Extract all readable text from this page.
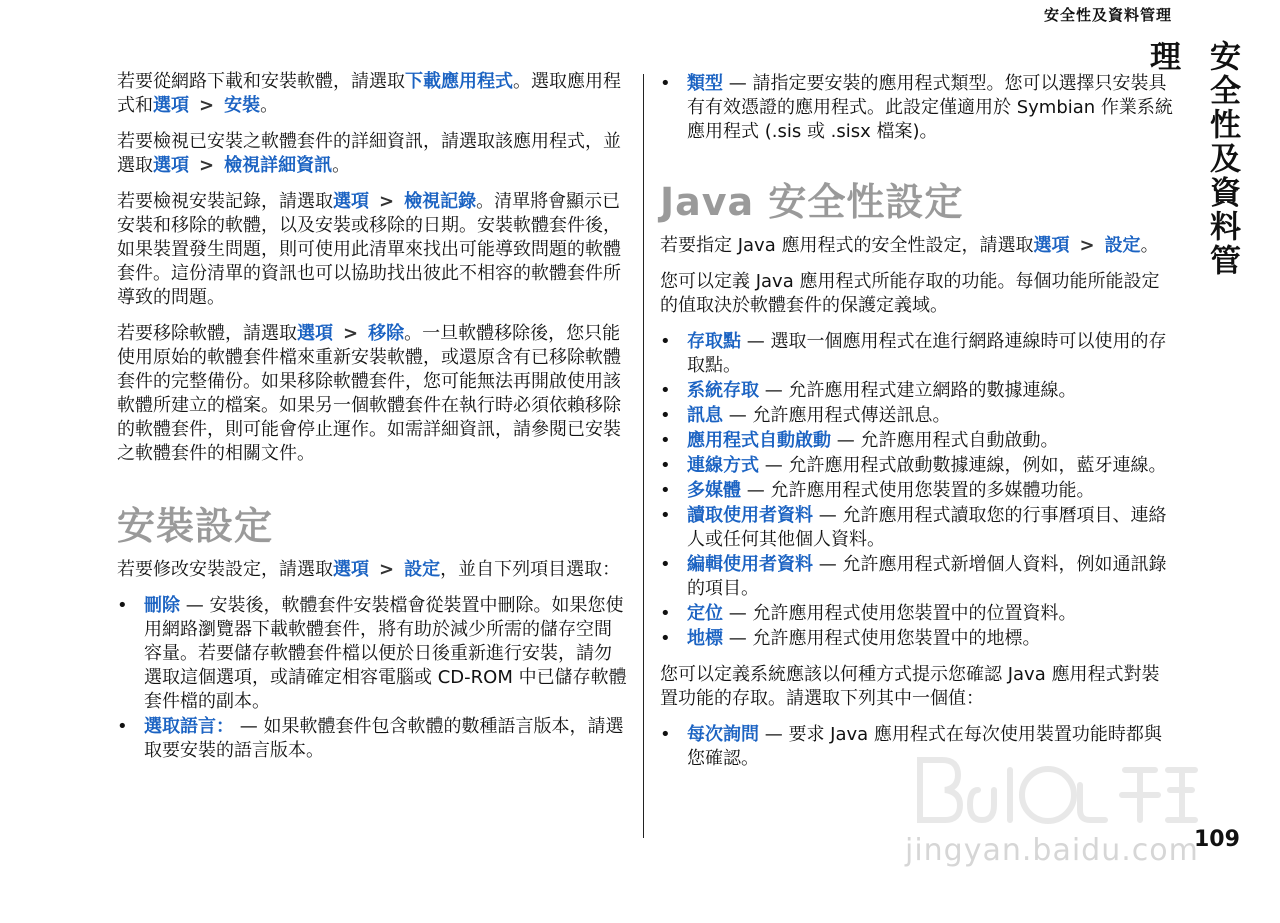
安全性及資料管理
安全性及資料管理

若要從網路下載和安裝軟體，請選取下載應用程式。選取應用程式和選項 > 安裝。

若要檢視已安裝之軟體套件的詳細資訊，請選取該應用程式，並選取選項 > 檢視詳細資訊。

若要檢視安裝記錄，請選取選項 > 檢視記錄。清單將會顯示已安裝和移除的軟體，以及安裝或移除的日期。安裝軟體套件後，如果裝置發生問題，則可使用此清單來找出可能導致問題的軟體套件。這份清單的資訊也可以協助找出彼此不相容的軟體套件所導致的問題。

若要移除軟體，請選取選項 > 移除。一旦軟體移除後，您只能使用原始的軟體套件檔來重新安裝軟體，或還原含有已移除軟體套件的完整備份。如果移除軟體套件，您可能無法再開啟使用該軟體所建立的檔案。如果另一個軟體套件在執行時必須依賴移除的軟體套件，則可能會停止運作。如需詳細資訊，請參閱已安裝之軟體套件的相關文件。

安裝設定

若要修改安裝設定，請選取選項 > 設定，並自下列項目選取：

• 刪除 — 安裝後，軟體套件安裝檔會從裝置中刪除。如果您使用網路瀏覽器下載軟體套件，將有助於減少所需的儲存空間容量。若要儲存軟體套件檔以便於日後重新進行安裝，請勿選取這個選項，或請確定相容電腦或 CD-ROM 中已儲存軟體套件檔的副本。
• 選取語言： — 如果軟體套件包含軟體的數種語言版本，請選取要安裝的語言版本。
• 類型 — 請指定要安裝的應用程式類型。您可以選擇只安裝具有有效憑證的應用程式。此設定僅適用於 Symbian 作業系統應用程式 (.sis 或 .sisx 檔案)。
Java 安全性設定

若要指定 Java 應用程式的安全性設定，請選取選項 > 設定。

您可以定義 Java 應用程式所能存取的功能。每個功能所能設定的值取決於軟體套件的保護定義域。

• 存取點 — 選取一個應用程式在進行網路連線時可以使用的存取點。
• 系統存取 — 允許應用程式建立網路的數據連線。
• 訊息 — 允許應用程式傳送訊息。
• 應用程式自動啟動 — 允許應用程式自動啟動。
• 連線方式 — 允許應用程式啟動數據連線，例如，藍牙連線。
• 多媒體 — 允許應用程式使用您裝置的多媒體功能。
• 讀取使用者資料 — 允許應用程式讀取您的行事曆項目、連絡人或任何其他個人資料。
• 編輯使用者資料 — 允許應用程式新增個人資料，例如通訊錄的項目。
• 定位 — 允許應用程式使用您裝置中的位置資料。
• 地標 — 允許應用程式使用您裝置中的地標。

您可以定義系統應該以何種方式提示您確認 Java 應用程式對裝置功能的存取。請選取下列其中一個值：

• 每次詢問 — 要求 Java 應用程式在每次使用裝置功能時都與您確認。
jingyan.baidu.com
109
